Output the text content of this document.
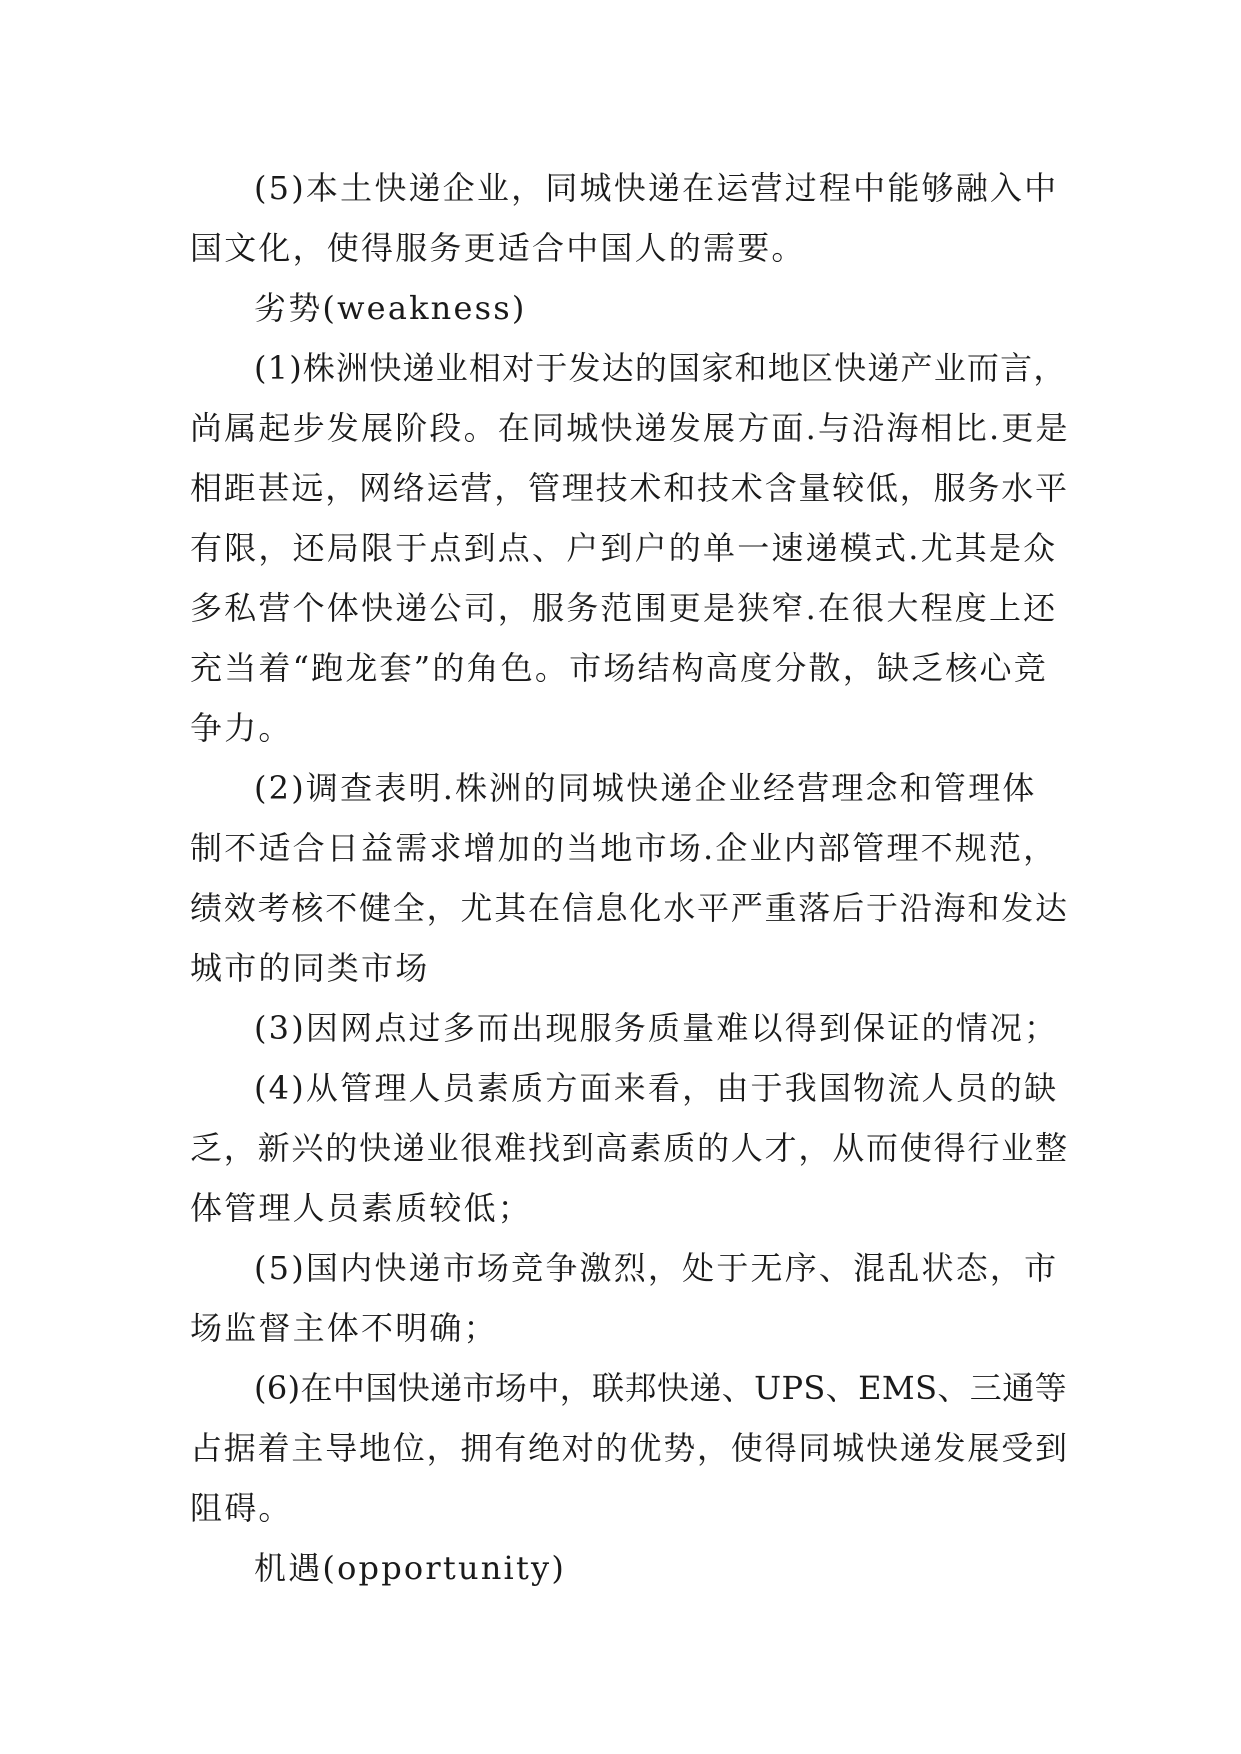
(5)本土快递企业，同城快递在运营过程中能够融入中
国文化，使得服务更适合中国人的需要。
劣势(weakness)
(1)株洲快递业相对于发达的国家和地区快递产业而言，
尚属起步发展阶段。在同城快递发展方面.与沿海相比.更是
相距甚远，网络运营，管理技术和技术含量较低，服务水平
有限，还局限于点到点、户到户的单一速递模式.尤其是众
多私营个体快递公司，服务范围更是狭窄.在很大程度上还
充当着“跑龙套”的角色。市场结构高度分散，缺乏核心竞
争力。
(2)调查表明.株洲的同城快递企业经营理念和管理体
制不适合日益需求增加的当地市场.企业内部管理不规范，
绩效考核不健全，尤其在信息化水平严重落后于沿海和发达
城市的同类市场
(3)因网点过多而出现服务质量难以得到保证的情况；
(4)从管理人员素质方面来看，由于我国物流人员的缺
乏，新兴的快递业很难找到高素质的人才，从而使得行业整
体管理人员素质较低；
(5)国内快递市场竞争激烈，处于无序、混乱状态，市
场监督主体不明确；
(6)在中国快递市场中，联邦快递、UPS、EMS、三通等
占据着主导地位，拥有绝对的优势，使得同城快递发展受到
阻碍。
机遇(opportunity)
